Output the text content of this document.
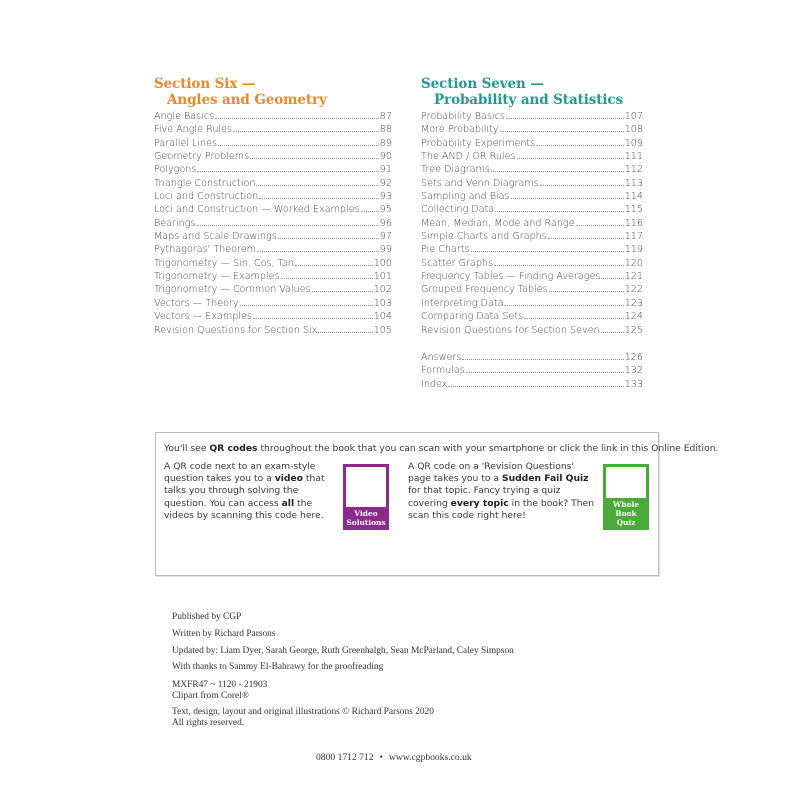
Section Six —
Angles and Geometry
Angle Basics	87
Five Angle Rules	88
Parallel Lines	89
Geometry Problems	90
Polygons	91
Triangle Construction	92
Loci and Construction	93
Loci and Construction — Worked Examples 95
Bearings	96
Maps and Scale Drawings	97
Pythagoras' Theorem	99
Trigonometry — Sin, Cos, Tan	100
Trigonometry — Examples	101
Trigonometry — Common Values	102
Vectors — Theory	103
Vectors — Examples	104
Revision Questions for Section Six	105
Section Seven —
Probability and Statistics
Probability Basics	107
More Probability	108
Probability Experiments	109
The AND / OR Rules	111
Tree Diagrams	112
Sets and Venn Diagrams	113
Sampling and Bias	114
Collecting Data	115
Mean, Median, Mode and Range	116
Simple Charts and Graphs	117
Pie Charts	119
Scatter Graphs	120
Frequency Tables — Finding Averages	121
Grouped Frequency Tables	122
Interpreting Data	123
Comparing Data Sets	124
Revision Questions for Section Seven	125
Answers	126
Formulas	132
Index	133
You'll see QR codes throughout the book that you can scan with your smartphone or click the link in this Online Edition.
A QR code next to an exam-style question takes you to a video that talks you through solving the question. You can access all the videos by scanning this code here.	Video
Solutions
A QR code on a 'Revision Questions' page takes you to a Sudden Fail Quiz for that topic. Fancy trying a quiz covering every topic in the book? Then scan this code right here!
Whole
Book Quiz
Published by CGP
Written by Richard Parsons
Updated by: Liam Dyer, Sarah George, Ruth Greenhalgh, Sean McParland, Caley Simpson
With thanks to Sammy El-Bahrawy for the proofreading
MXFR47 ~ 1120 - 21903
Clipart from Corel®
Text, design, layout and original illustrations © Richard Parsons 2020
All rights reserved.
0800 1712 712 • www.cgpbooks.co.uk
